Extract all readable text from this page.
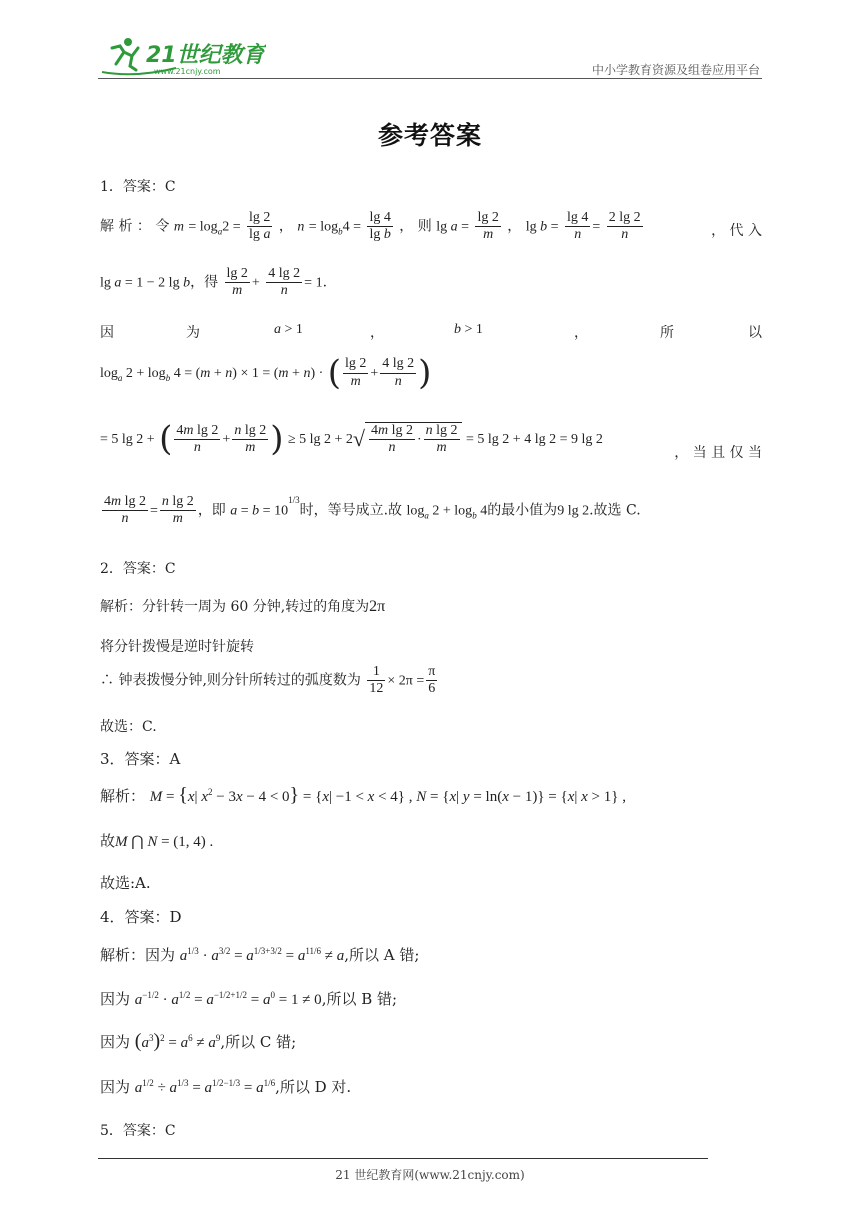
21世纪教育
www.21cnjy.com	中小学教育资源及组卷应用平台
参考答案
1．答案：C
解 析 ： 令 $m = \log_a2 = \frac{\lg 2}{\text{lg a}}$ ， $n = \log_b4 = \frac{\lg 4}{\text{lg b}}$ ， 则 $\lg a = \frac{\lg 2}{m}$ ， $\lg b = \frac{\lg 4}{n} = \frac{2 \lg 2}{n}$	， 代 入
lg a = 1 − 2 lg b，得 $\frac{\lg 2}{m} + \frac{4 \lg 2}{n} = 1$.
因	为	a > 1	，	b > 1	，	所	以
$\log_a 2 + \log_b 4 = (m + n) \times 1 = (m + n)$ · ( $\frac{\lg 2}{m} + \frac{4 \lg 2}{n}$ )
= 5 lg 2 + ( $\frac{\text{4m lg 2}}{n} + \frac{\text{n lg 2}}{m}$ ) ≥ 5 $\lg 2 + 2√ \frac{\text{4m lg 2}}{n} \cdot \frac{\text{n lg 2}}{m} = 5$ lg 2 + 4 lg 2 = 9 lg 2
， 当 且 仅 当
$\frac{\text{4m lg 2}}{n} = \frac{\text{n lg 2}}{m}$ ，即 $a = b = 10^{1/3}$时，等号成立.故 $\log_a 2 + \log_b 4$的最小值为9 lg 2.故选 C.
2．答案：C
解析：分针转一周为 60 分钟,转过的角度为2π
将分针拨慢是逆时针旋转
∴ 钟表拨慢分钟,则分针所转过的弧度数为 $\frac{1}{12} \times 2\pi = \frac{\pi}{6}$
故选：C.
3．答案：A
解析： M = {x| $x^2 - 3x - 4 < 0\} = \{x| -1 < x < 4\}$ , N = {x| y = ln(x − 1)} = {x| x > 1} ,
故M ⋂ N = (1, 4) .
故选:A.
4．答案：D
解析：因为 $a^{1/3} \cdot a^{3/2} = a^{1/3+3/2} = a^{11/6} \ne a$,所以 A 错;
因为 $a^{-1/2} \cdot a^{1/2} = a^{-1/2+1/2} = a^0 = 1 \ne 0$,所以 B 错;
因为 $(a^3)^2 = a^6 \ne a^9$,所以 C 错;
因为 $a^{1/2} \div a^{1/3} = a^{1/2-1/3} = a^{1/6}$,所以 D 对.
5．答案：C
21 世纪教育网(www.21cnjy.com)
